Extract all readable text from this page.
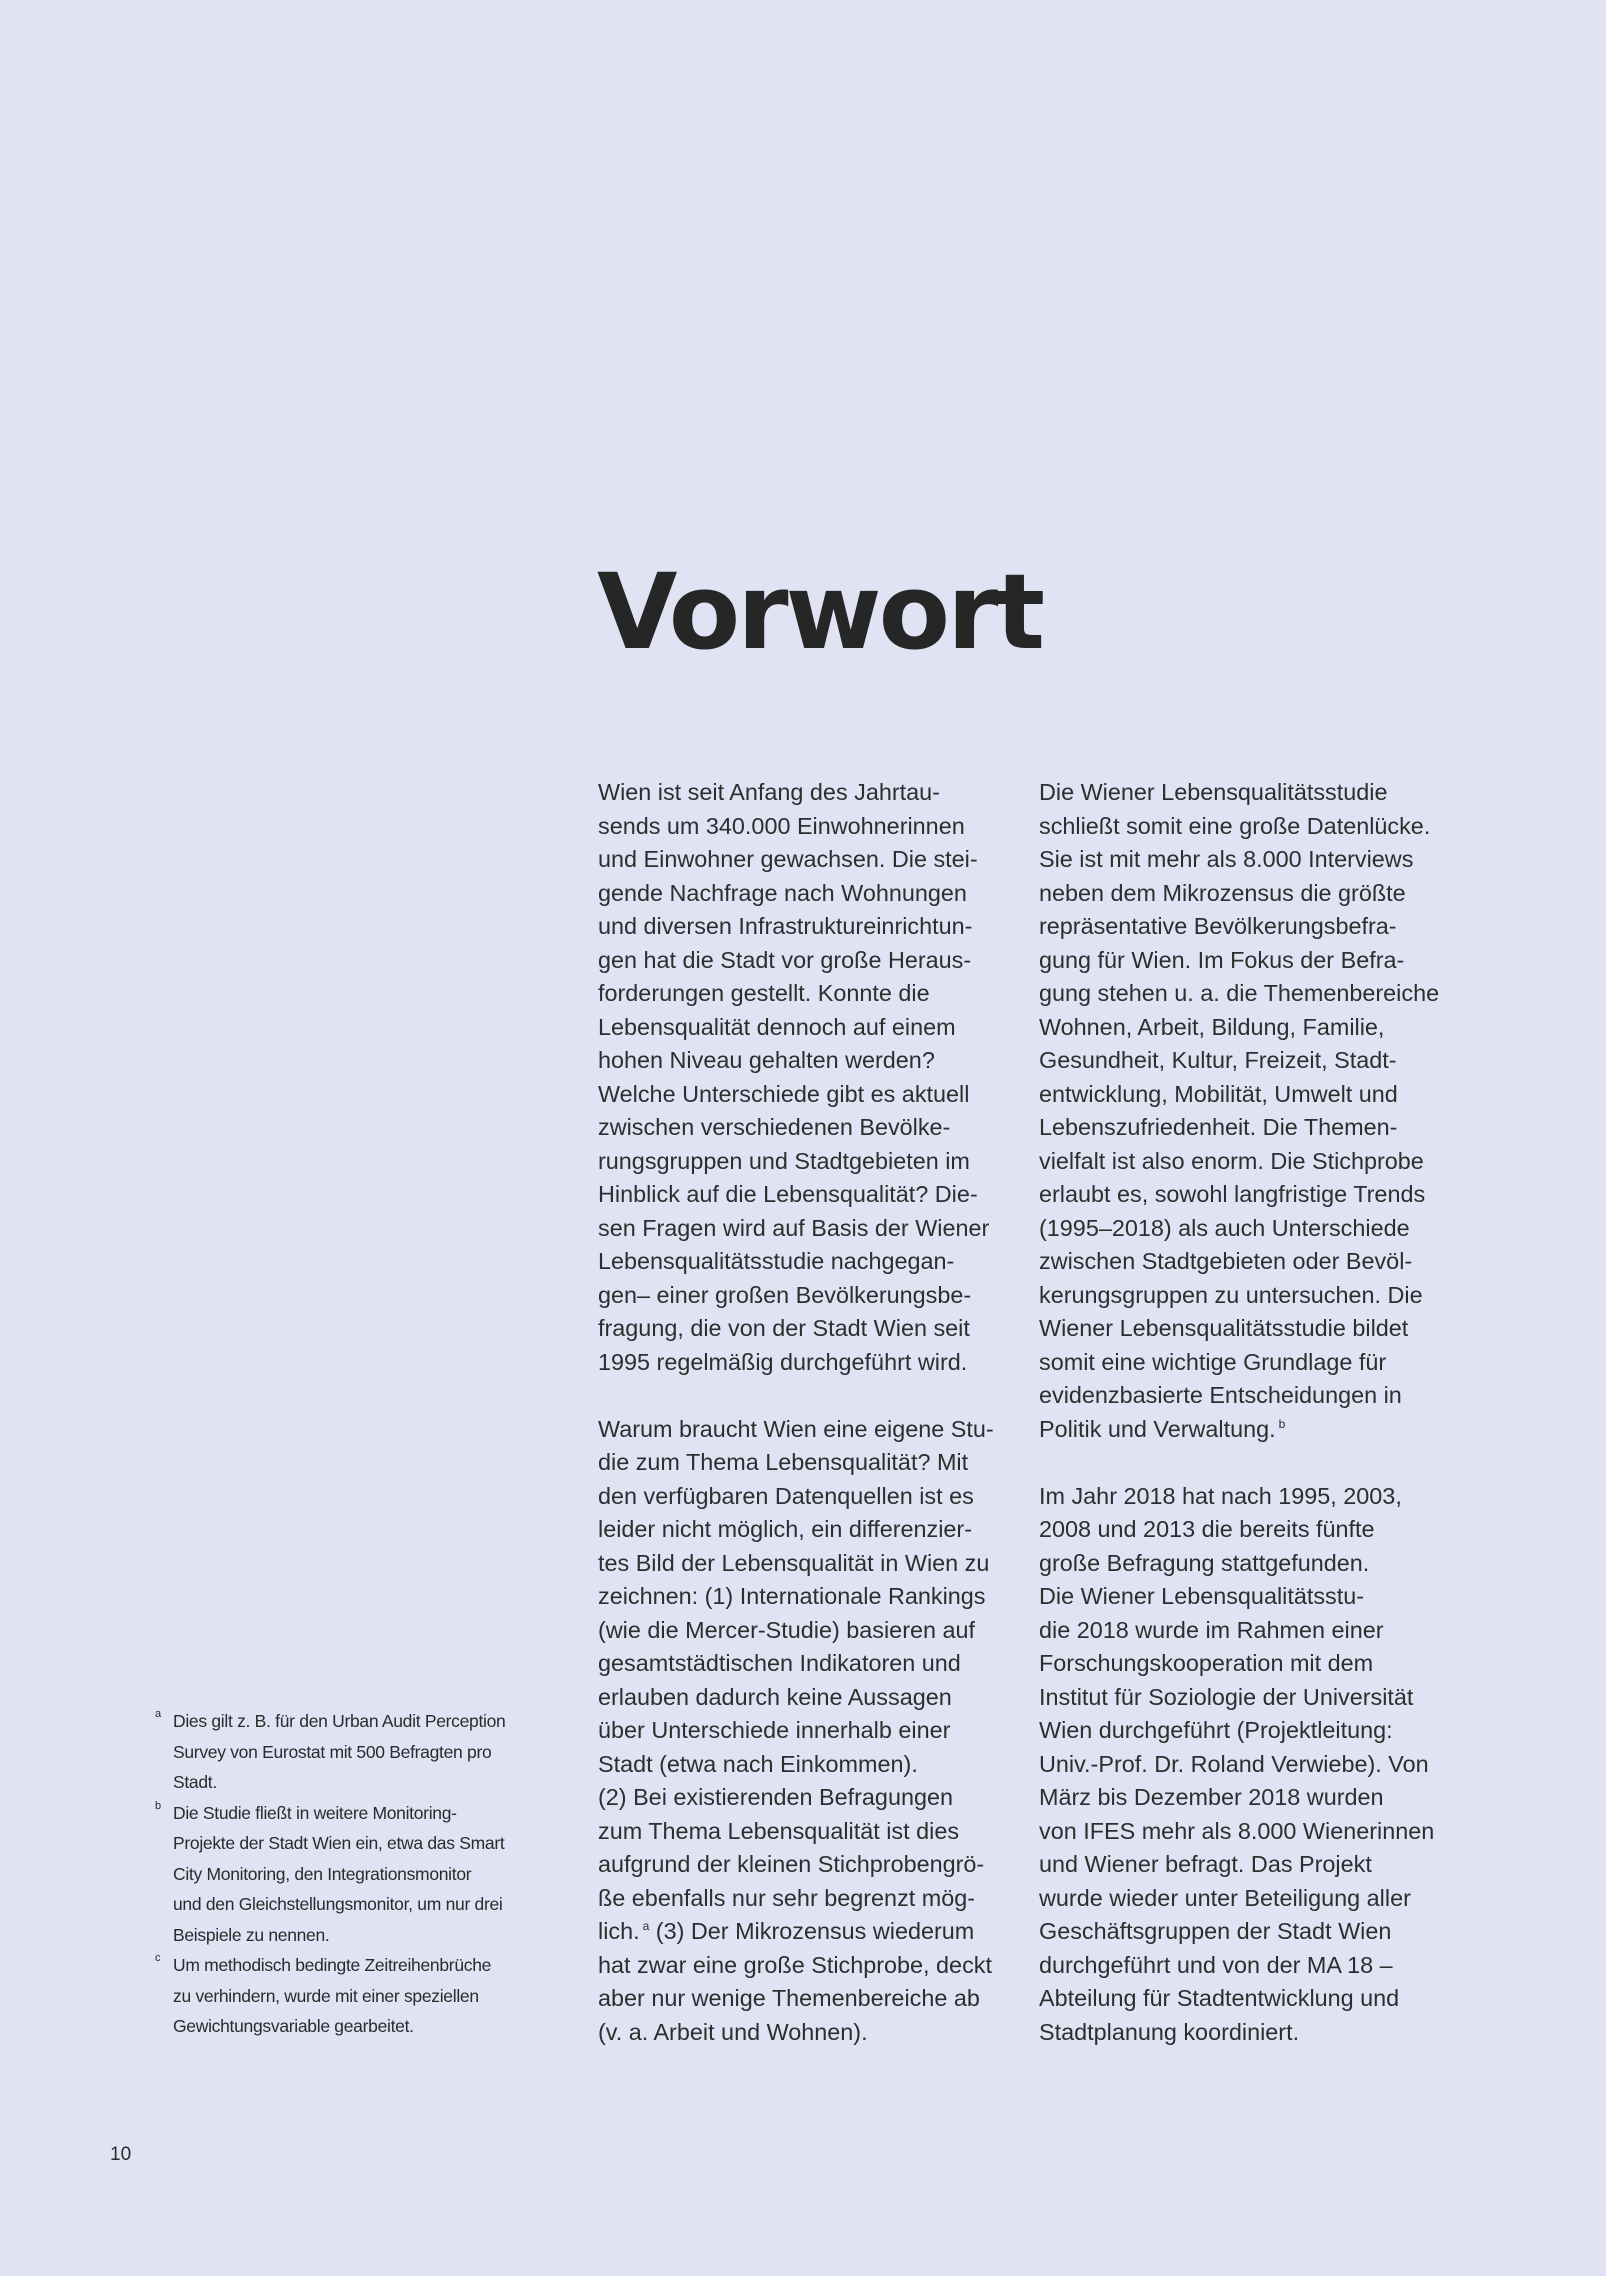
Vorwort
Wien ist seit Anfang des Jahrtau-
sends um 340.000 Einwohnerinnen
und Einwohner gewachsen. Die stei-
gende Nachfrage nach Wohnungen
und diversen Infrastruktureinrichtun-
gen hat die Stadt vor große Heraus-
forderungen gestellt. Konnte die
Lebensqualität dennoch auf einem
hohen Niveau gehalten werden?
Welche Unterschiede gibt es aktuell
zwischen verschiedenen Bevölke-
rungsgruppen und Stadtgebieten im
Hinblick auf die Lebensqualität? Die-
sen Fragen wird auf Basis der Wiener
Lebensqualitätsstudie nachgegan-
gen– einer großen Bevölkerungsbe-
fragung, die von der Stadt Wien seit
1995 regelmäßig durchgeführt wird.
Warum braucht Wien eine eigene Stu-
die zum Thema Lebensqualität? Mit
den verfügbaren Datenquellen ist es
leider nicht möglich, ein differenzier-
tes Bild der Lebensqualität in Wien zu
zeichnen: (1) Internationale Rankings
(wie die Mercer-Studie) basieren auf
gesamtstädtischen Indikatoren und
erlauben dadurch keine Aussagen
über Unterschiede innerhalb einer
Stadt (etwa nach Einkommen).
(2) Bei existierenden Befragungen
zum Thema Lebensqualität ist dies
aufgrund der kleinen Stichprobengrö-
ße ebenfalls nur sehr begrenzt mög-
lich. $^a$ (3) Der Mikrozensus wiederum
hat zwar eine große Stichprobe, deckt
aber nur wenige Themenbereiche ab
(v. a. Arbeit und Wohnen).
Die Wiener Lebensqualitätsstudie
schließt somit eine große Datenlücke.
Sie ist mit mehr als 8.000 Interviews
neben dem Mikrozensus die größte
repräsentative Bevölkerungsbefra-
gung für Wien. Im Fokus der Befra-
gung stehen u. a. die Themenbereiche
Wohnen, Arbeit, Bildung, Familie,
Gesundheit, Kultur, Freizeit, Stadt-
entwicklung, Mobilität, Umwelt und
Lebenszufriedenheit. Die Themen-
vielfalt ist also enorm. Die Stichprobe
erlaubt es, sowohl langfristige Trends
(1995–2018) als auch Unterschiede
zwischen Stadtgebieten oder Bevöl-
kerungsgruppen zu untersuchen. Die
Wiener Lebensqualitätsstudie bildet
somit eine wichtige Grundlage für
evidenzbasierte Entscheidungen in
Politik und Verwaltung. $^b$
Im Jahr 2018 hat nach 1995, 2003,
2008 und 2013 die bereits fünfte
große Befragung stattgefunden.
Die Wiener Lebensqualitätsstu-
die 2018 wurde im Rahmen einer
Forschungskooperation mit dem
Institut für Soziologie der Universität
Wien durchgeführt (Projektleitung:
Univ.-Prof. Dr. Roland Verwiebe). Von
März bis Dezember 2018 wurden
von IFES mehr als 8.000 Wienerinnen
und Wiener befragt. Das Projekt
wurde wieder unter Beteiligung aller
Geschäftsgruppen der Stadt Wien
durchgeführt und von der MA 18 –
Abteilung für Stadtentwicklung und
Stadtplanung koordiniert.
a Dies gilt z. B. für den Urban Audit Perception
Survey von Eurostat mit 500 Befragten pro
Stadt.
b Die Studie fließt in weitere Monitoring-
Projekte der Stadt Wien ein, etwa das Smart
City Monitoring, den Integrationsmonitor
und den Gleichstellungsmonitor, um nur drei
Beispiele zu nennen.
c Um methodisch bedingte Zeitreihenbrüche
zu verhindern, wurde mit einer speziellen
Gewichtungsvariable gearbeitet.
10
